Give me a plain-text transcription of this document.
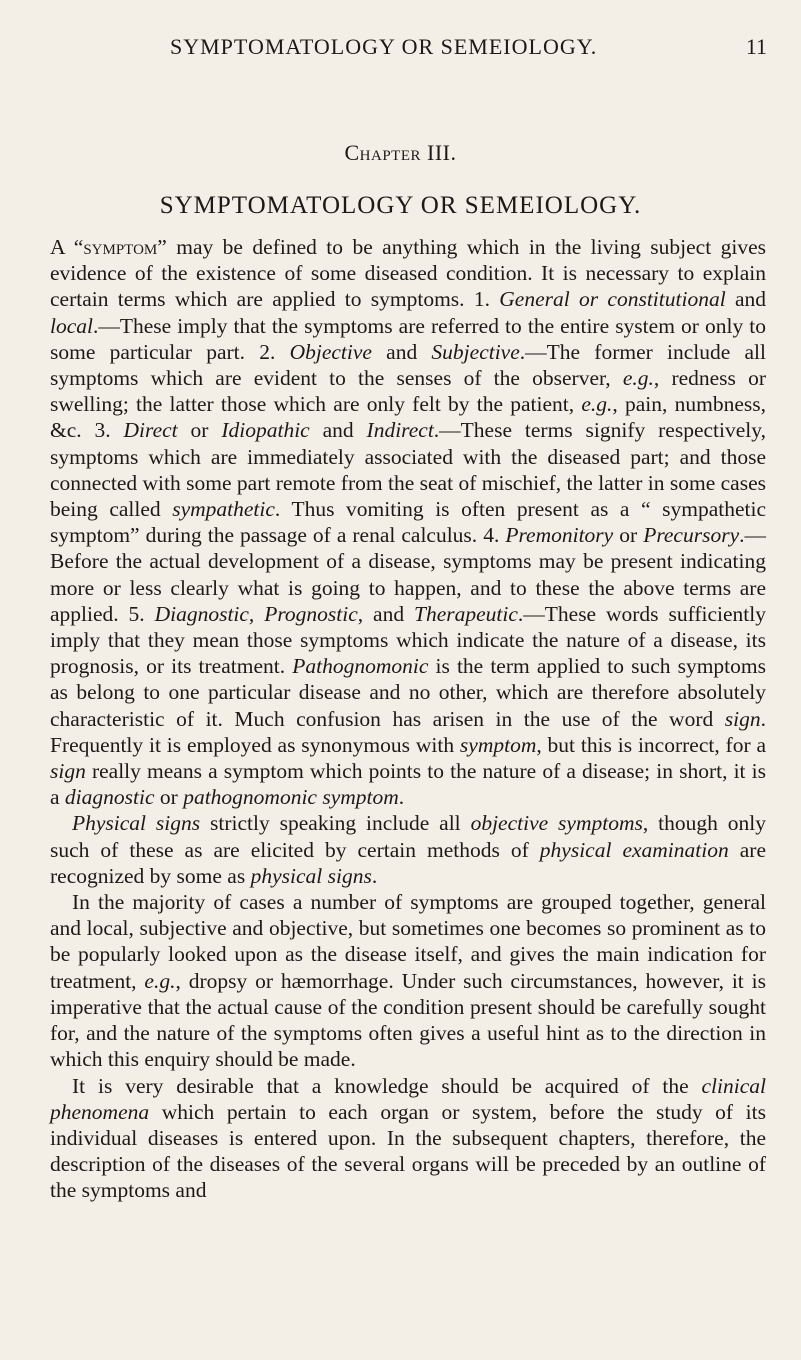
SYMPTOMATOLOGY OR SEMEIOLOGY.	11
Chapter III.
SYMPTOMATOLOGY OR SEMEIOLOGY.

A “symptom” may be defined to be anything which in the living subject gives evidence of the existence of some diseased condition. It is necessary to explain certain terms which are applied to symptoms. 1. General or constitutional and local.—These imply that the symptoms are referred to the entire system or only to some particular part. 2. Objective and Subjective.—The former include all symptoms which are evident to the senses of the observer, e.g., redness or swelling; the latter those which are only felt by the patient, e.g., pain, numbness, &c. 3. Direct or Idiopathic and Indirect.—These terms signify respectively, symptoms which are immediately associated with the diseased part; and those connected with some part remote from the seat of mischief, the latter in some cases being called sympathetic. Thus vomiting is often present as a “ sympathetic symptom” during the passage of a renal calculus. 4. Premonitory or Precursory.—Before the actual development of a disease, symptoms may be present indicating more or less clearly what is going to happen, and to these the above terms are applied. 5. Diagnostic, Prognostic, and Therapeutic.—These words sufficiently imply that they mean those symptoms which indicate the nature of a disease, its prognosis, or its treatment. Pathognomonic is the term applied to such symptoms as belong to one particular disease and no other, which are therefore absolutely characteristic of it. Much confusion has arisen in the use of the word sign. Frequently it is employed as synonymous with symptom, but this is incorrect, for a sign really means a symptom which points to the nature of a disease; in short, it is a diagnostic or pathognomonic symptom.

Physical signs strictly speaking include all objective symptoms, though only such of these as are elicited by certain methods of physical examination are recognized by some as physical signs.

In the majority of cases a number of symptoms are grouped together, general and local, subjective and objective, but sometimes one becomes so prominent as to be popularly looked upon as the disease itself, and gives the main indication for treatment, e.g., dropsy or hæmorrhage. Under such circumstances, however, it is imperative that the actual cause of the condition present should be carefully sought for, and the nature of the symptoms often gives a useful hint as to the direction in which this enquiry should be made.

It is very desirable that a knowledge should be acquired of the clinical phenomena which pertain to each organ or system, before the study of its individual diseases is entered upon. In the subsequent chapters, therefore, the description of the diseases of the several organs will be preceded by an outline of the symptoms and
